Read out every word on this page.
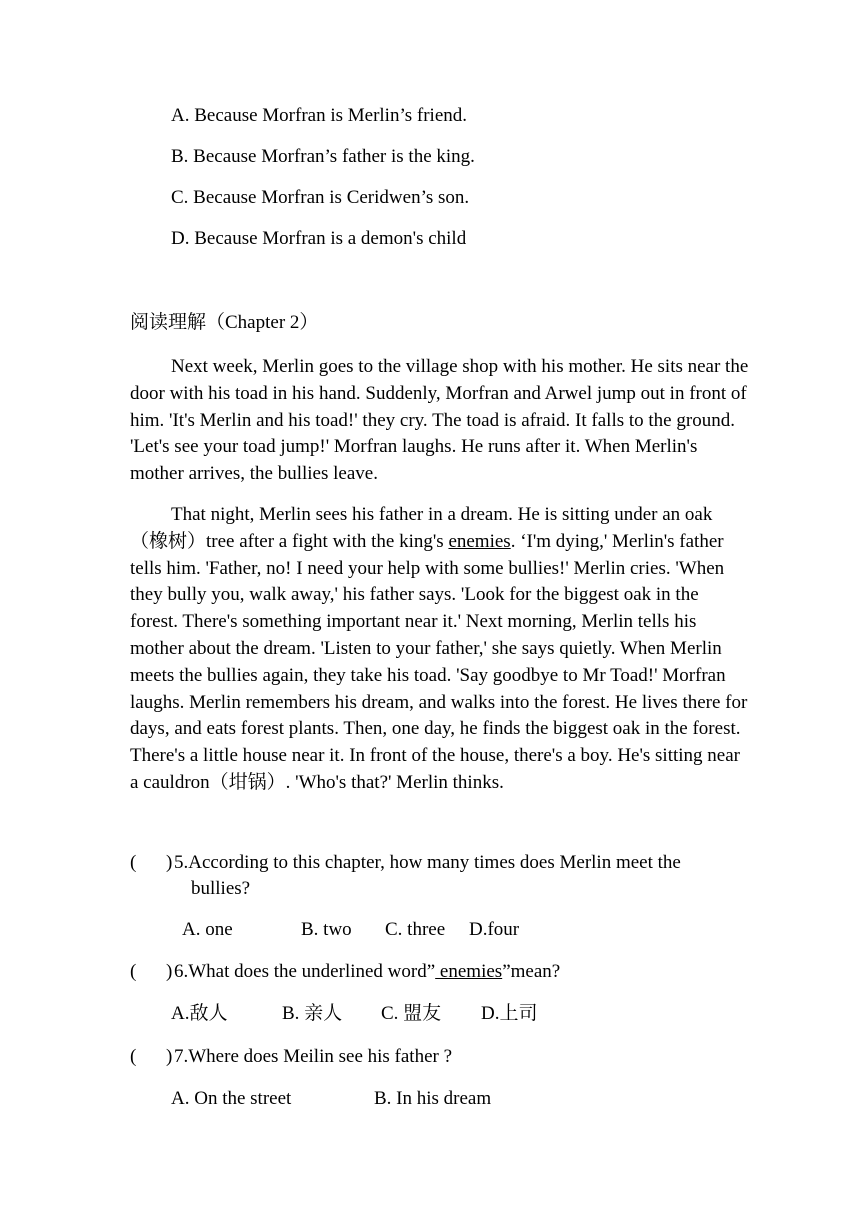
A. Because Morfran is Merlin’s friend.
B. Because Morfran’s father is the king.
C. Because Morfran is Ceridwen’s son.
D. Because Morfran is a demon's child
阅读理解（Chapter 2）
Next week, Merlin goes to the village shop with his mother. He sits near the door with his toad in his hand. Suddenly, Morfran and Arwel jump out in front of him. 'It's Merlin and his toad!' they cry. The toad is afraid. It falls to the ground. 'Let's see your toad jump!' Morfran laughs. He runs after it. When Merlin's mother arrives, the bullies leave.
That night, Merlin sees his father in a dream. He is sitting under an oak（橡树）tree after a fight with the king's enemies. ‘I'm dying,' Merlin's father tells him. 'Father, no! I need your help with some bullies!' Merlin cries. 'When they bully you, walk away,' his father says. 'Look for the biggest oak in the forest. There's something important near it.' Next morning, Merlin tells his mother about the dream. 'Listen to your father,' she says quietly. When Merlin meets the bullies again, they take his toad. 'Say goodbye to Mr Toad!' Morfran laughs. Merlin remembers his dream, and walks into the forest. He lives there for days, and eats forest plants. Then, one day, he finds the biggest oak in the forest. There's a little house near it. In front of the house, there's a boy. He's sitting near a cauldron（坩锅）. 'Who's that?' Merlin thinks.
( ) 5.According to this chapter, how many times does Merlin meet the
bullies?
A. one	B. two C. three D.four
( ) 6.What does the underlined word” enemies”mean?
A.敌人	B. 亲人 C. 盟友 D.上司
( ) 7.Where does Meilin see his father ?
A. On the street	B. In his dream
